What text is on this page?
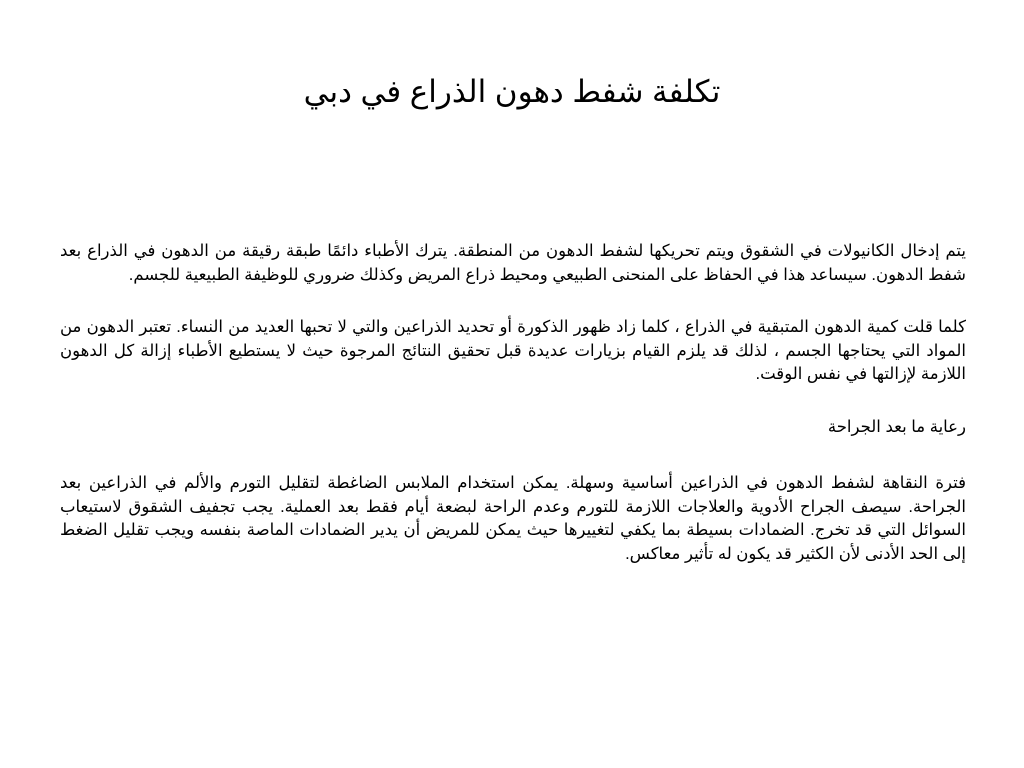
تكلفة شفط دهون الذراع في دبي

يتم إدخال الكانيولات في الشقوق ويتم تحريكها لشفط الدهون من المنطقة. يترك الأطباء دائمًا طبقة رقيقة من الدهون في الذراع بعد شفط الدهون. سيساعد هذا في الحفاظ على المنحنى الطبيعي ومحيط ذراع المريض وكذلك ضروري للوظيفة الطبيعية للجسم.

كلما قلت كمية الدهون المتبقية في الذراع ، كلما زاد ظهور الذكورة أو تحديد الذراعين والتي لا تحبها العديد من النساء. تعتبر الدهون من المواد التي يحتاجها الجسم ، لذلك قد يلزم القيام بزيارات عديدة قبل تحقيق النتائج المرجوة حيث لا يستطيع الأطباء إزالة كل الدهون اللازمة لإزالتها في نفس الوقت.

رعاية ما بعد الجراحة

فترة النقاهة لشفط الدهون في الذراعين أساسية وسهلة. يمكن استخدام الملابس الضاغطة لتقليل التورم والألم في الذراعين بعد الجراحة. سيصف الجراح الأدوية والعلاجات اللازمة للتورم وعدم الراحة لبضعة أيام فقط بعد العملية. يجب تجفيف الشقوق لاستيعاب السوائل التي قد تخرج. الضمادات بسيطة بما يكفي لتغييرها حيث يمكن للمريض أن يدير الضمادات الماصة بنفسه ويجب تقليل الضغط إلى الحد الأدنى لأن الكثير قد يكون له تأثير معاكس.
